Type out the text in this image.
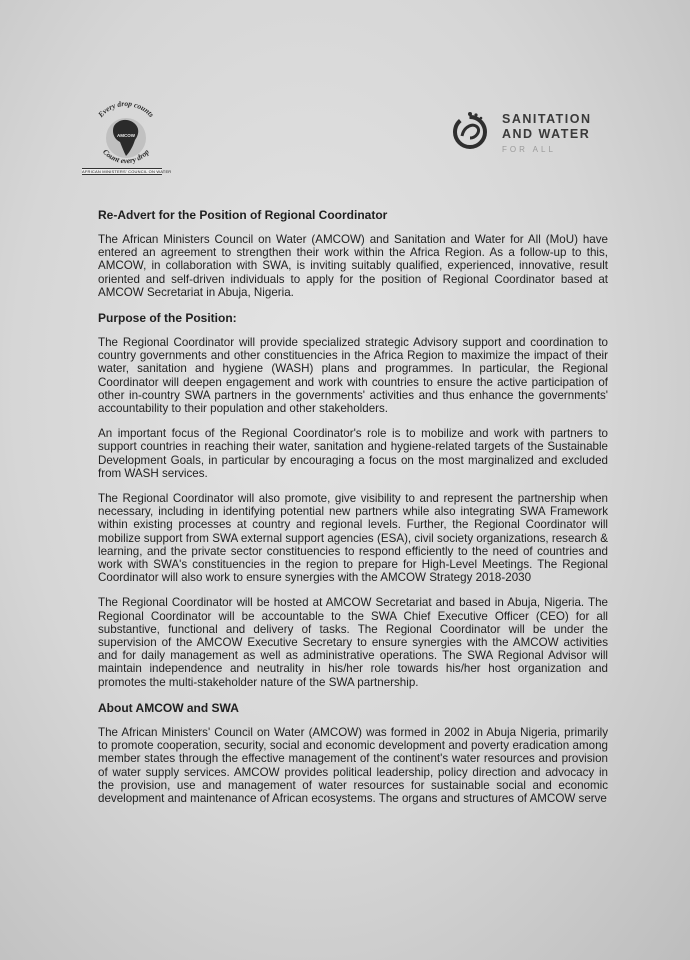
AMCOW
Every drop counts
Count every drop
AFRICAN MINISTERS' COUNCIL ON WATER
SANITATION
AND WATER
FOR ALL
Re-Advert for the Position of Regional Coordinator

The African Ministers Council on Water (AMCOW) and Sanitation and Water for All (MoU) have entered an agreement to strengthen their work within the Africa Region. As a follow-up to this, AMCOW, in collaboration with SWA, is inviting suitably qualified, experienced, innovative, result oriented and self-driven individuals to apply for the position of Regional Coordinator based at AMCOW Secretariat in Abuja, Nigeria.

Purpose of the Position:

The Regional Coordinator will provide specialized strategic Advisory support and coordination to country governments and other constituencies in the Africa Region to maximize the impact of their water, sanitation and hygiene (WASH) plans and programmes. In particular, the Regional Coordinator will deepen engagement and work with countries to ensure the active participation of other in-country SWA partners in the governments' activities and thus enhance the governments' accountability to their population and other stakeholders.

An important focus of the Regional Coordinator's role is to mobilize and work with partners to support countries in reaching their water, sanitation and hygiene-related targets of the Sustainable Development Goals, in particular by encouraging a focus on the most marginalized and excluded from WASH services.

The Regional Coordinator will also promote, give visibility to and represent the partnership when necessary, including in identifying potential new partners while also integrating SWA Framework within existing processes at country and regional levels. Further, the Regional Coordinator will mobilize support from SWA external support agencies (ESA), civil society organizations, research & learning, and the private sector constituencies to respond efficiently to the need of countries and work with SWA's constituencies in the region to prepare for High-Level Meetings. The Regional Coordinator will also work to ensure synergies with the AMCOW Strategy 2018-2030

The Regional Coordinator will be hosted at AMCOW Secretariat and based in Abuja, Nigeria. The Regional Coordinator will be accountable to the SWA Chief Executive Officer (CEO) for all substantive, functional and delivery of tasks. The Regional Coordinator will be under the supervision of the AMCOW Executive Secretary to ensure synergies with the AMCOW activities and for daily management as well as administrative operations. The SWA Regional Advisor will maintain independence and neutrality in his/her role towards his/her host organization and promotes the multi-stakeholder nature of the SWA partnership.

About AMCOW and SWA

The African Ministers' Council on Water (AMCOW) was formed in 2002 in Abuja Nigeria, primarily to promote cooperation, security, social and economic development and poverty eradication among member states through the effective management of the continent's water resources and provision of water supply services. AMCOW provides political leadership, policy direction and advocacy in the provision, use and management of water resources for sustainable social and economic development and maintenance of African ecosystems. The organs and structures of AMCOW serve
